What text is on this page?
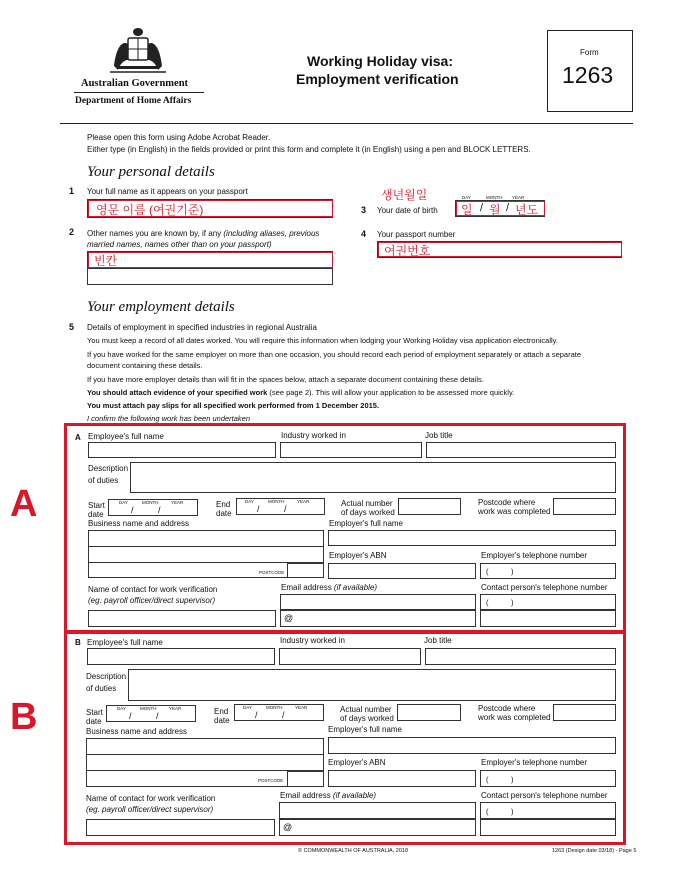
Australian Government
Department of Home Affairs
Working Holiday visa:
Employment verification
Form
1263
Please open this form using Adobe Acrobat Reader.
Either type (in English) in the fields provided or print this form and complete it (in English) using a pen and BLOCK LETTERS.
Your personal details
1 Your full name as it appears on your passport
영문 이름 (여권기준)
2 Other names you are known by, if any (including aliases, previous
married names, names other than on your passport)
빈칸
생년월일
3 Your date of birth
DAY	MONTH YEAR
일 / 월 / 년도
4 Your passport number
여권번호
Your employment details
5 Details of employment in specified industries in regional Australia
You must keep a record of all dates worked. You will require this information when lodging your Working Holiday visa application electronically.
If you have worked for the same employer on more than one occasion, you should record each period of employment separately or attach a separate
document containing these details.
If you have more employer details than will fit in the spaces below, attach a separate document containing these details.
You should attach evidence of your specified work (see page 2). This will allow your application to be assessed more quickly.
You must attach pay slips for all specified work performed from 1 December 2015.
I confirm the following work has been undertaken
A
A Employee's full name	Industry worked in	Job title
Description
of duties
Start
date
DAY	MONTH	YEAR
/	/
End
date
DAY	MONTH	YEAR
/	/
Actual number
of days worked
Postcode where
work was completed
Business name and address	Employer's full name
POSTCODE
Employer's ABN	Employer's telephone number
(	)
Name of contact for work verification
(eg. payroll officer/direct supervisor)
Email address (if available)	Contact person's telephone number
(	)
@
B
B Employee's full name	Industry worked in	Job title
Description
of duties
Start
date
DAY	MONTH	YEAR
/	/	End
date
DAY	MONTH	YEAR
/	/
Actual number
of days worked
Postcode where
work was completed
Business name and address	Employer's full name
POSTCODE
Employer's ABN	Employer's telephone number
(	)
Name of contact for work verification
(eg. payroll officer/direct supervisor)
Email address (if available)	Contact person's telephone number
(	)
@
© COMMONWEALTH OF AUSTRALIA, 2018	1263 (Design date 03/18) - Page 5
